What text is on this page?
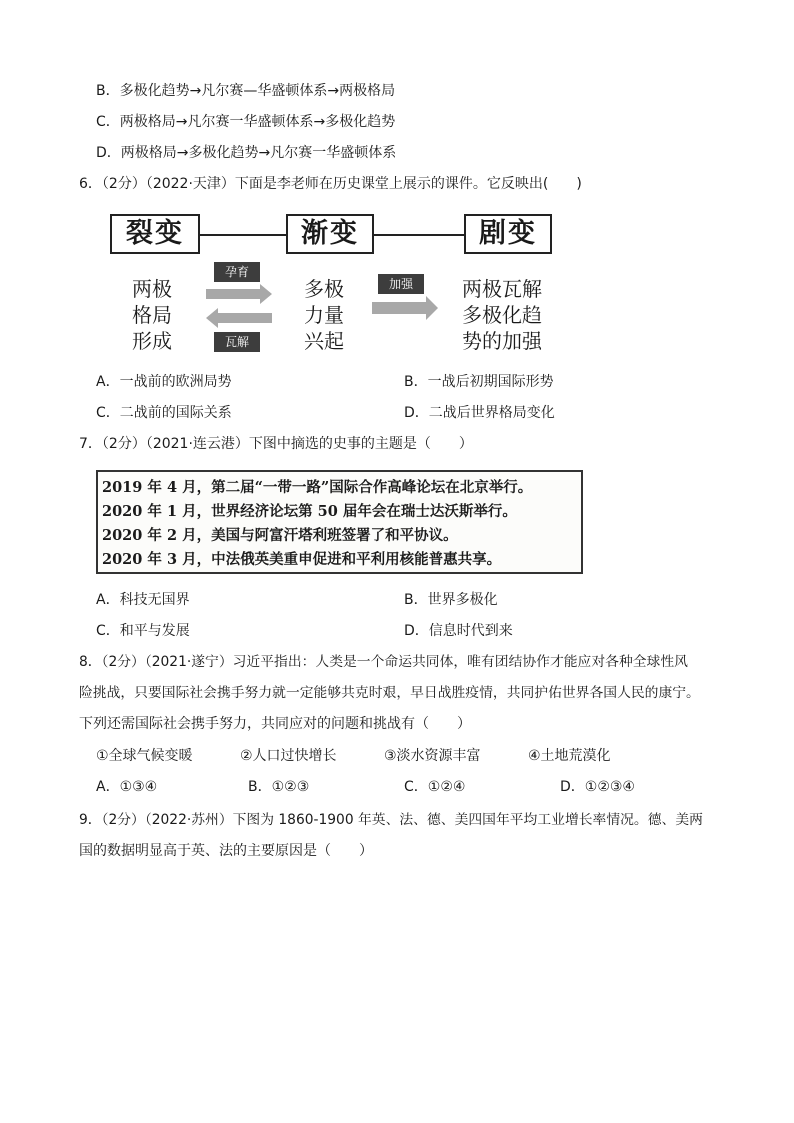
B．多极化趋势→凡尔赛—华盛顿体系→两极格局
C．两极格局→凡尔赛一华盛顿体系→多极化趋势
D．两极格局→多极化趋势→凡尔赛一华盛顿体系
6．（2分）（2022·天津）下面是李老师在历史课堂上展示的课件。它反映出(　　)
裂变	渐变	剧变
两极
格局
形成
孕育
瓦解
多极
力量
兴起
加强	两极瓦解
多极化趋
势的加强
A．一战前的欧洲局势	B．一战后初期国际形势
C．二战前的国际关系	D．二战后世界格局变化
7．（2分）（2021·连云港）下图中摘选的史事的主题是（　　）
2019 年 4 月，第二届“一带一路”国际合作高峰论坛在北京举行。
2020 年 1 月，世界经济论坛第 50 届年会在瑞士达沃斯举行。
2020 年 2 月，美国与阿富汗塔利班签署了和平协议。
2020 年 3 月，中法俄英美重申促进和平利用核能普惠共享。
A．科技无国界	B．世界多极化
C．和平与发展	D．信息时代到来
8．（2分）（2021·遂宁）习近平指出：人类是一个命运共同体，唯有团结协作才能应对各种全球性风
险挑战，只要国际社会携手努力就一定能够共克时艰，早日战胜疫情，共同护佑世界各国人民的康宁。
下列还需国际社会携手努力，共同应对的问题和挑战有（　　）
①全球气候变暖	②人口过快增长	③淡水资源丰富	④土地荒漠化
A．①③④	B．①②③	C．①②④	D．①②③④
9．（2分）（2022·苏州）下图为 1860-1900 年英、法、德、美四国年平均工业增长率情况。德、美两
国的数据明显高于英、法的主要原因是（　　）
